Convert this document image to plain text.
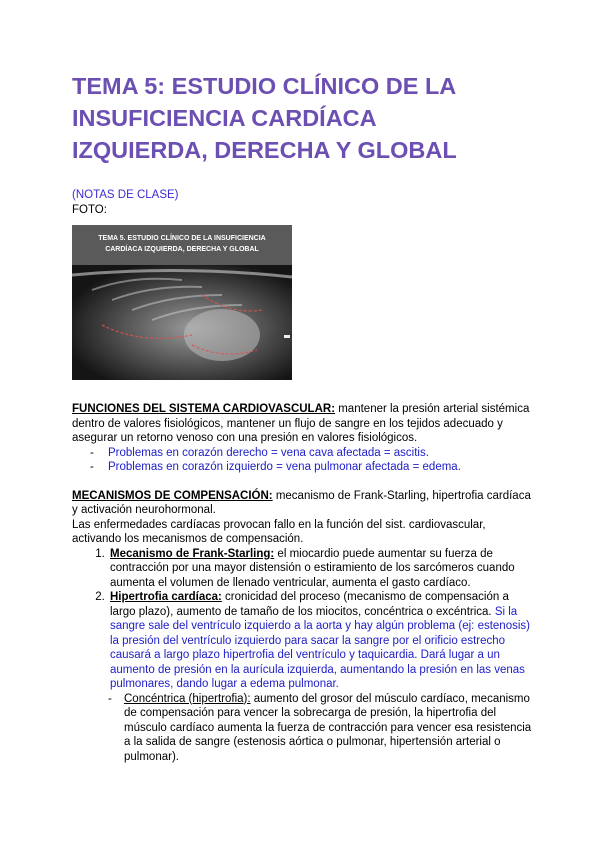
TEMA 5: ESTUDIO CLÍNICO DE LA
INSUFICIENCIA CARDÍACA
IZQUIERDA, DERECHA Y GLOBAL

(NOTAS DE CLASE)

FOTO:

TEMA 5. ESTUDIO CLÍNICO DE LA INSUFICIENCIA
CARDÍACA IZQUIERDA, DERECHA Y GLOBAL

FUNCIONES DEL SISTEMA CARDIOVASCULAR: mantener la presión arterial sistémica dentro de valores fisiológicos, mantener un flujo de sangre en los tejidos adecuado y asegurar un retorno venoso con una presión en valores fisiológicos.

- Problemas en corazón derecho = vena cava afectada = ascitis.
- Problemas en corazón izquierdo = vena pulmonar afectada = edema.

MECANISMOS DE COMPENSACIÓN: mecanismo de Frank-Starling, hipertrofia cardíaca y activación neurohormonal.

Las enfermedades cardíacas provocan fallo en la función del sist. cardiovascular, activando los mecanismos de compensación.

1. Mecanismo de Frank-Starling: el miocardio puede aumentar su fuerza de contracción por una mayor distensión o estiramiento de los sarcómeros cuando aumenta el volumen de llenado ventricular, aumenta el gasto cardíaco.
2. Hipertrofia cardíaca: cronicidad del proceso (mecanismo de compensación a largo plazo), aumento de tamaño de los miocitos, concéntrica o excéntrica. Si la sangre sale del ventrículo izquierdo a la aorta y hay algún problema (ej: estenosis) la presión del ventrículo izquierdo para sacar la sangre por el orificio estrecho causará a largo plazo hipertrofia del ventrículo y taquicardia. Dará lugar a un aumento de presión en la aurícula izquierda, aumentando la presión en las venas pulmonares, dando lugar a edema pulmonar.
- Concéntrica (hipertrofia): aumento del grosor del músculo cardíaco, mecanismo de compensación para vencer la sobrecarga de presión, la hipertrofia del músculo cardíaco aumenta la fuerza de contracción para vencer esa resistencia a la salida de sangre (estenosis aórtica o pulmonar, hipertensión arterial o pulmonar).
